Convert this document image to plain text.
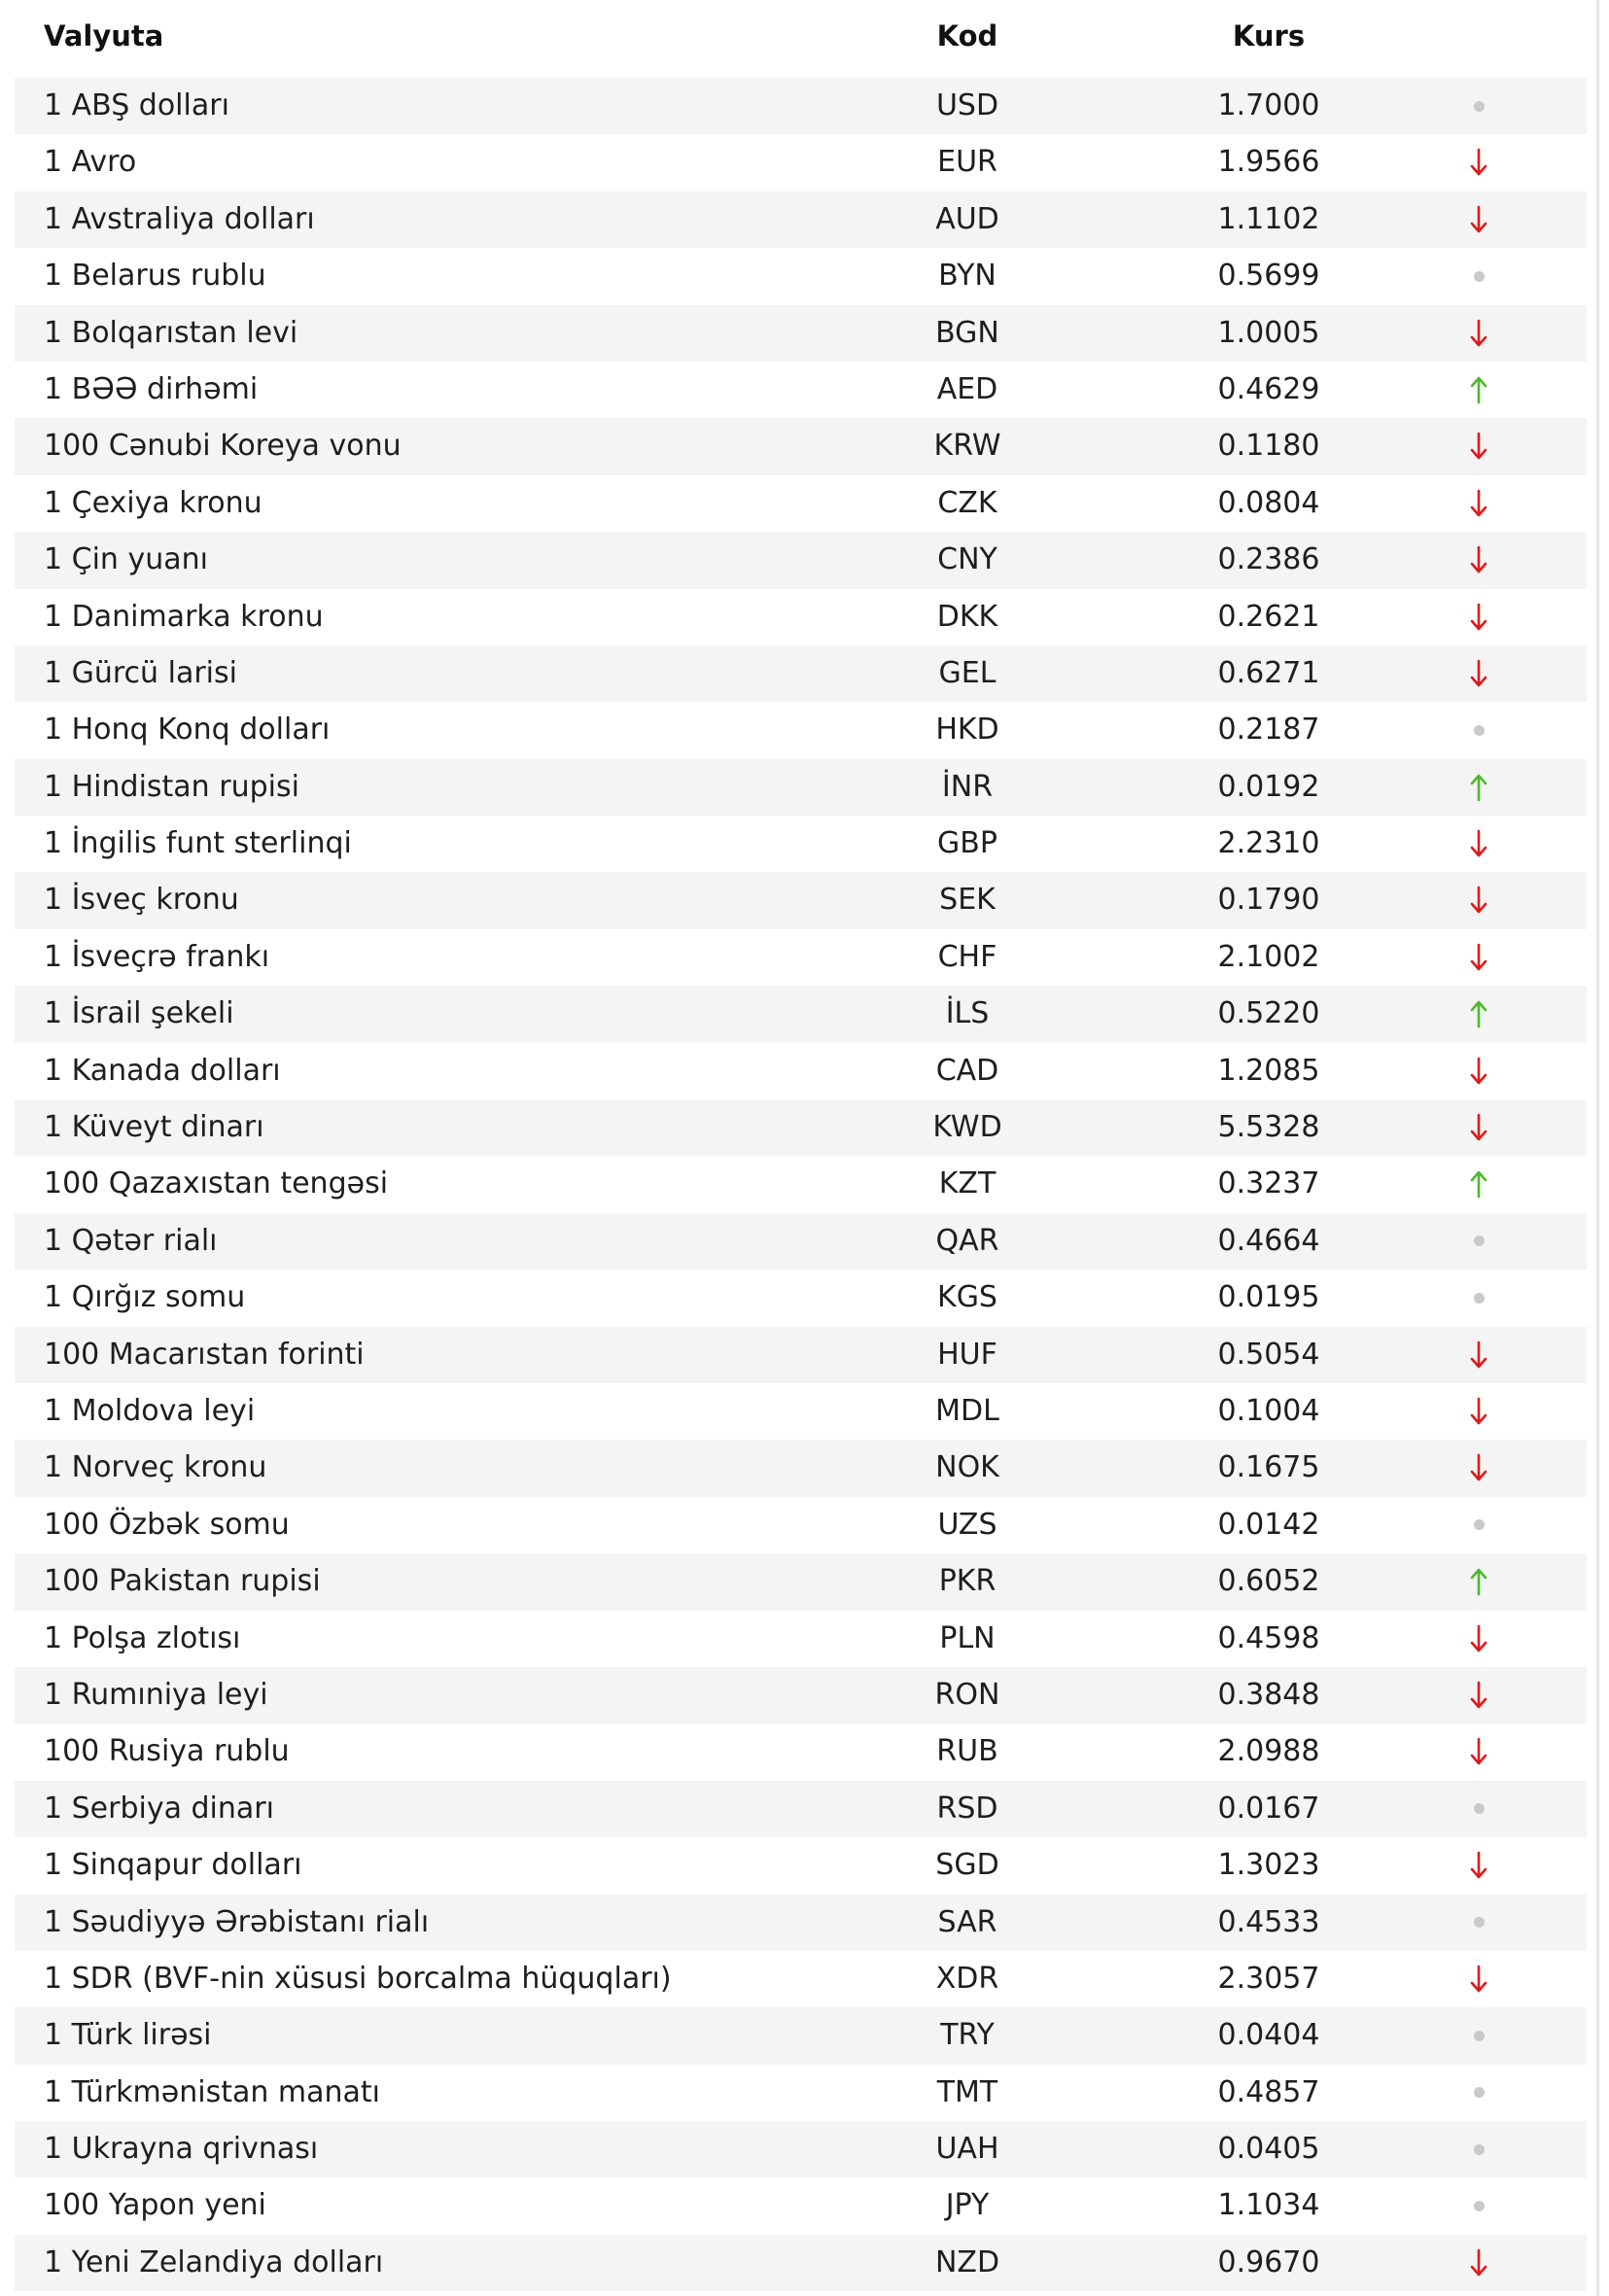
Valyuta	Kod	Kurs
1 ABŞ dolları	USD	1.7000
1 Avro	EUR	1.9566
1 Avstraliya dolları	AUD	1.1102
1 Belarus rublu	BYN	0.5699
1 Bolqarıstan levi	BGN	1.0005
1 BƏƏ dirhəmi	AED	0.4629
100 Cənubi Koreya vonu	KRW	0.1180
1 Çexiya kronu	CZK	0.0804
1 Çin yuanı	CNY	0.2386
1 Danimarka kronu	DKK	0.2621
1 Gürcü larisi	GEL	0.6271
1 Honq Konq dolları	HKD	0.2187
1 Hindistan rupisi	İNR	0.0192
1 İngilis funt sterlinqi	GBP	2.2310
1 İsveç kronu	SEK	0.1790
1 İsveçrə frankı	CHF	2.1002
1 İsrail şekeli	İLS	0.5220
1 Kanada dolları	CAD	1.2085
1 Küveyt dinarı	KWD	5.5328
100 Qazaxıstan tengəsi	KZT	0.3237
1 Qətər rialı	QAR	0.4664
1 Qırğız somu	KGS	0.0195
100 Macarıstan forinti	HUF	0.5054
1 Moldova leyi	MDL	0.1004
1 Norveç kronu	NOK	0.1675
100 Özbək somu	UZS	0.0142
100 Pakistan rupisi	PKR	0.6052
1 Polşa zlotısı	PLN	0.4598
1 Rumıniya leyi	RON	0.3848
100 Rusiya rublu	RUB	2.0988
1 Serbiya dinarı	RSD	0.0167
1 Sinqapur dolları	SGD	1.3023
1 Səudiyyə Ərəbistanı rialı	SAR	0.4533
1 SDR (BVF-nin xüsusi borcalma hüquqları)	XDR	2.3057
1 Türk lirəsi	TRY	0.0404
1 Türkmənistan manatı	TMT	0.4857
1 Ukrayna qrivnası	UAH	0.0405
100 Yapon yeni	JPY	1.1034
1 Yeni Zelandiya dolları	NZD	0.9670
